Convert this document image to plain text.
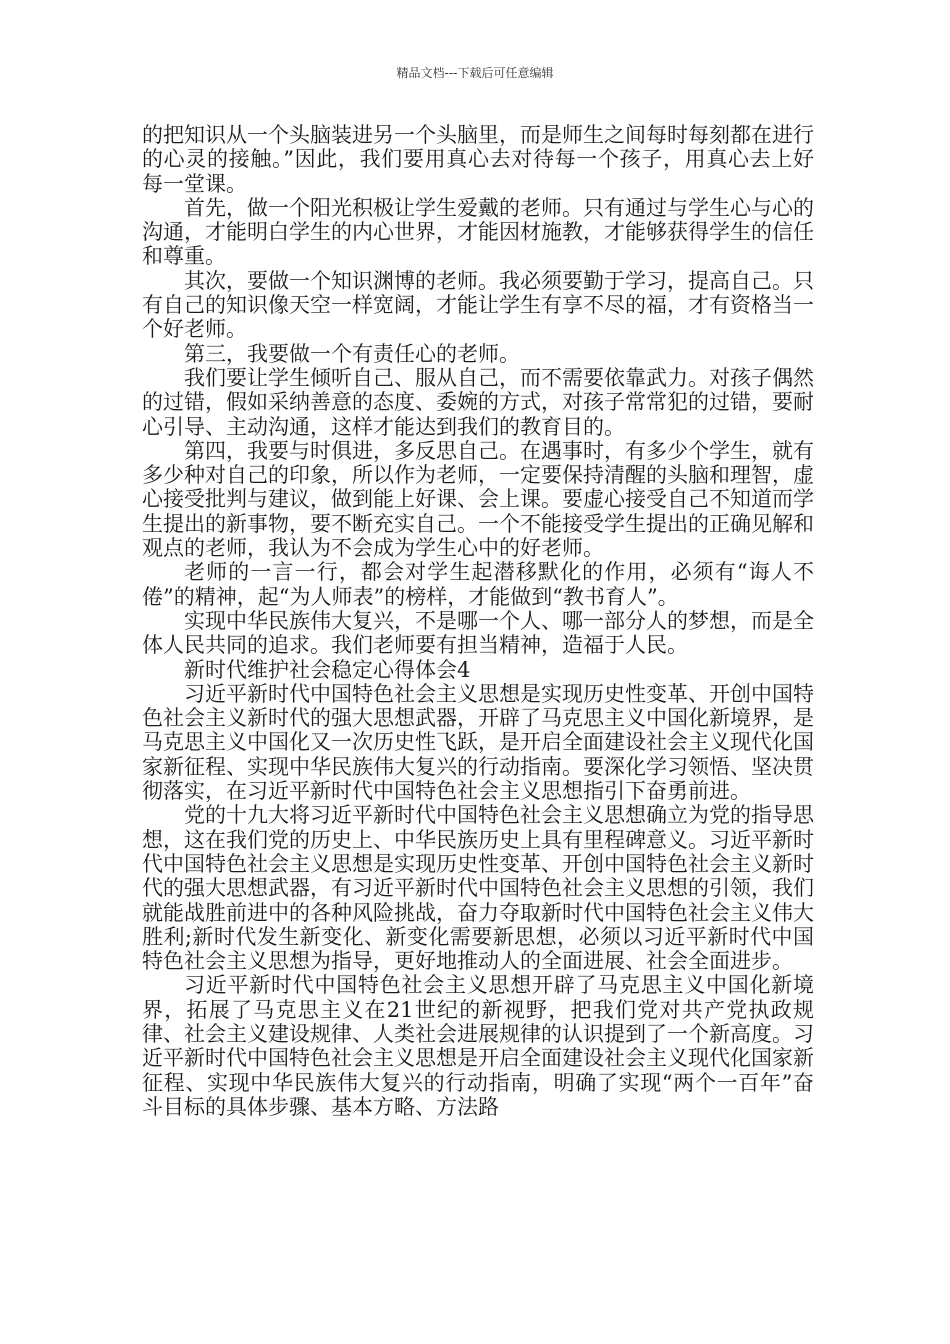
精品文档---下载后可任意编辑

的把知识从一个头脑装进另一个头脑里，而是师生之间每时每刻都在进行的心灵的接触。”因此，我们要用真心去对待每一个孩子，用真心去上好每一堂课。

首先，做一个阳光积极让学生爱戴的老师。只有通过与学生心与心的沟通，才能明白学生的内心世界，才能因材施教，才能够获得学生的信任和尊重。

其次，要做一个知识渊博的老师。我必须要勤于学习，提高自己。只有自己的知识像天空一样宽阔，才能让学生有享不尽的福，才有资格当一个好老师。

第三，我要做一个有责任心的老师。

我们要让学生倾听自己、服从自己，而不需要依靠武力。对孩子偶然的过错，假如采纳善意的态度、委婉的方式，对孩子常常犯的过错，要耐心引导、主动沟通，这样才能达到我们的教育目的。

第四，我要与时俱进，多反思自己。在遇事时，有多少个学生，就有多少种对自己的印象，所以作为老师，一定要保持清醒的头脑和理智，虚心接受批判与建议，做到能上好课、会上课。要虚心接受自己不知道而学生提出的新事物，要不断充实自己。一个不能接受学生提出的正确见解和观点的老师，我认为不会成为学生心中的好老师。

老师的一言一行，都会对学生起潜移默化的作用，必须有“诲人不倦”的精神，起“为人师表”的榜样，才能做到“教书育人”。

实现中华民族伟大复兴，不是哪一个人、哪一部分人的梦想，而是全体人民共同的追求。我们老师要有担当精神，造福于人民。

新时代维护社会稳定心得体会4

习近平新时代中国特色社会主义思想是实现历史性变革、开创中国特色社会主义新时代的强大思想武器，开辟了马克思主义中国化新境界，是马克思主义中国化又一次历史性飞跃，是开启全面建设社会主义现代化国家新征程、实现中华民族伟大复兴的行动指南。要深化学习领悟、坚决贯彻落实，在习近平新时代中国特色社会主义思想指引下奋勇前进。

党的十九大将习近平新时代中国特色社会主义思想确立为党的指导思想，这在我们党的历史上、中华民族历史上具有里程碑意义。习近平新时代中国特色社会主义思想是实现历史性变革、开创中国特色社会主义新时代的强大思想武器，有习近平新时代中国特色社会主义思想的引领，我们就能战胜前进中的各种风险挑战，奋力夺取新时代中国特色社会主义伟大胜利;新时代发生新变化、新变化需要新思想，必须以习近平新时代中国特色社会主义思想为指导，更好地推动人的全面进展、社会全面进步。

习近平新时代中国特色社会主义思想开辟了马克思主义中国化新境界，拓展了马克思主义在21世纪的新视野，把我们党对共产党执政规律、社会主义建设规律、人类社会进展规律的认识提到了一个新高度。习近平新时代中国特色社会主义思想是开启全面建设社会主义现代化国家新征程、实现中华民族伟大复兴的行动指南，明确了实现“两个一百年”奋斗目标的具体步骤、基本方略、方法路
